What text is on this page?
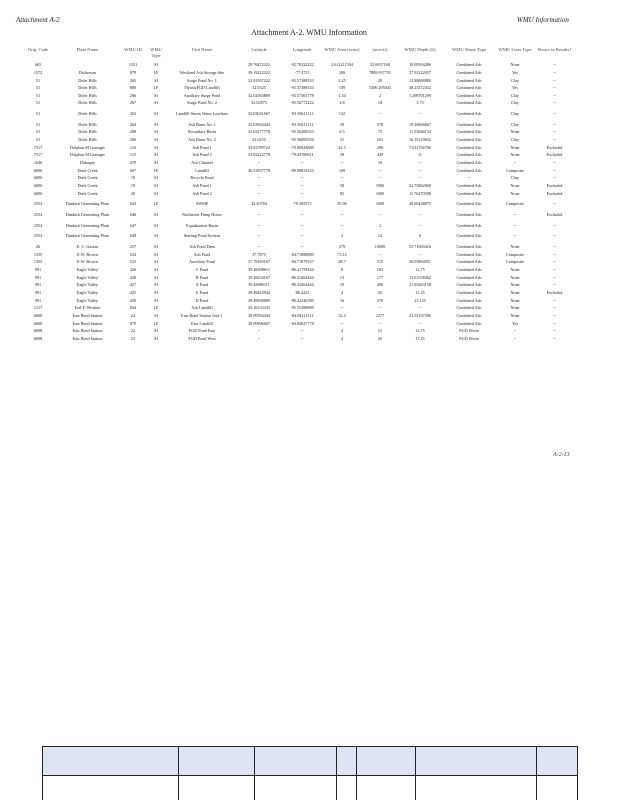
Attachment A-2	WMU Information
Attachment A-2. WMU Information
Orig. Code	Plant Name	WMU ID	WMU Type	Unit Name	Latitude	Longitude	WMU Area (acres)	(acre-ft)	WMU Depth (ft)	WMU Waste Type	WMU Liner Type	Shows in Results?
665		1351	SI		29.76472222	-92.79222222	2.612211304	52.6957168	18.09394286	Combined Ash	None	--
1572	Dickerson	879	LF	Westland Ash Storage Site	39.19222222	-77.4725	206	7809.937755	37.91222037	Combined Ash	Yes	--
51	Dolet Hills	265	SI	Surge Pond No. 1	32.03597222	-93.57388333	2.25	29	12.88888889	Combined Ash	Clay	--
51	Dolet Hills	880	LF	Flyash/FGD Landfill	32.0325	-93.57388333	109	5306.295043	48.23372432	Combined Ash	Yes	--
51	Dolet Hills	266	SI	Auxiliary Surge Pond	32.02563889	-93.57361778	1.54	2	1.298701299	Combined Ash	Clay	--
51	Dolet Hills	267	SI	Surge Pond No. 2	32.02875	-93.56772222	4.8	18	3.75	Combined Ash	Clay	--

51	Dolet Hills	263	SI	Landfill Storm Water Leachate	32.03041667	-93.56611111	132	--	--	Combined Ash	Clay	--

51	Dolet Hills	264	SI	Ash Basin No. 1	32.03944444	-93.56211111	30	578	19.26666667	Combined Ash	Clay	--
51	Dolet Hills	268	SI	Secondary Basin	32.03277778	-93.56208333	6.5	75	11.53846154	Combined Ash	None	--
51	Dolet Hills	266	SI	Ash Basin No. 2	32.0255	-93.56083556	31	501	16.16129032	Combined Ash	Clay	--
7317	Dolphus M Grainger	116	SI	Ash Pond 1	33.82789722	-79.06944889	42.5	298	7.011764706	Combined Ash	None	Excluded
7317	Dolphus M Grainger	115	SI	Ash Pond 2	33.82222778	-79.04788611	39	429	11	Combined Ash	None	Excluded
1046	Dubuque	470	SI	Ash Channel	--	--	--	10	--	Combined Ash	--	--
6006	Duck Creek	667	LF	Landfill	40.53837778	-89.98833333	169	--	--	Combined Ash	Composite	--
6006	Duck Creek	18	SI	Recycle Pond	--	--	--	--	--	--	Clay	--
6006	Duck Creek	19	SI	Ash Pond 1	--	--	58	1900	32.75862069	Combined Ash	None	Excluded
6006	Duck Creek	20	SI	Ash Pond 2	--	--	85	1000	11.76470588	Combined Ash	None	Excluded

2554	Dunkirk Generating Plant	643	LF	SWMF	42.49784	-79.305572	55.96	1600	28.60448875	Combined Ash	Composite	--

2554	Dunkirk Generating Plant	646	SI	Northwest Pump House	--	--	--	--	--	Combined Ash	--	Excluded

2554	Dunkirk Generating Plant	647	SI	Equalization Basin	--	--	--	2	--	Combined Ash	--	--

2554	Dunkirk Generating Plant	648	SI	Settling Pond System	--	--	2	12	6	Combined Ash	--	--

26	E. C. Gaston	257	SI	Ash Pond Dam	--	--	379	10000	55.71600416	Combined Ash	None	--
1355	E.W. Brown	524	SI	Ash Pond	37.7875	-84.71888889	75.12	--	--	Combined Ash	Composite	--
1355	E.W. Brown	525	SI	Auxiliary Pond	37.78169167	-84.71879167	28.7	515	20.03904051	Combined Ash	Composite	--
991	Eagle Valley	426	SI	C Pond	39.48408611	-86.41759444	8	102	12.75	Combined Ash	None	--
991	Eagle Valley	428	SI	B Pond	39.48254167	-86.41664444	13	177	13.61538462	Combined Ash	None	--
991	Eagle Valley	427	SI	A Pond	39.48086111	-86.41664444	19	400	21.05263158	Combined Ash	None	--
991	Eagle Valley	425	SI	E Pond	39.48443944	-86.4221	4	45	11.25	Combined Ash	None	Excluded
991	Eagle Valley	429	SI	D Pond	39.48308889	-86.42246389	16	370	23.125	Combined Ash	None	--
1217	Earl F. Wisdom	844	LF	Ash Landfill	43.16133333	-95.55288889	--	--	--	Combined Ash	None	--
6008	East Bend Station	24	SI	East Bend Station Unit 1	38.90594444	-84.84111111	52.4	1277	23.91167300	Combined Ash	None	--
6008	East Bend Station	879	LF	East Landfill	38.90996667	-84.84027778	--	--	--	Combined Ash	Yes	--
6008	East Bend Station	22	SI	FGD Pond East	--	--	4	51	12.75	FGD Waste	--	--
6008	East Bend Station	23	SI	FGD Pond West	--	--	4	45	11.25	FGD Waste	--	--
A-2-13
